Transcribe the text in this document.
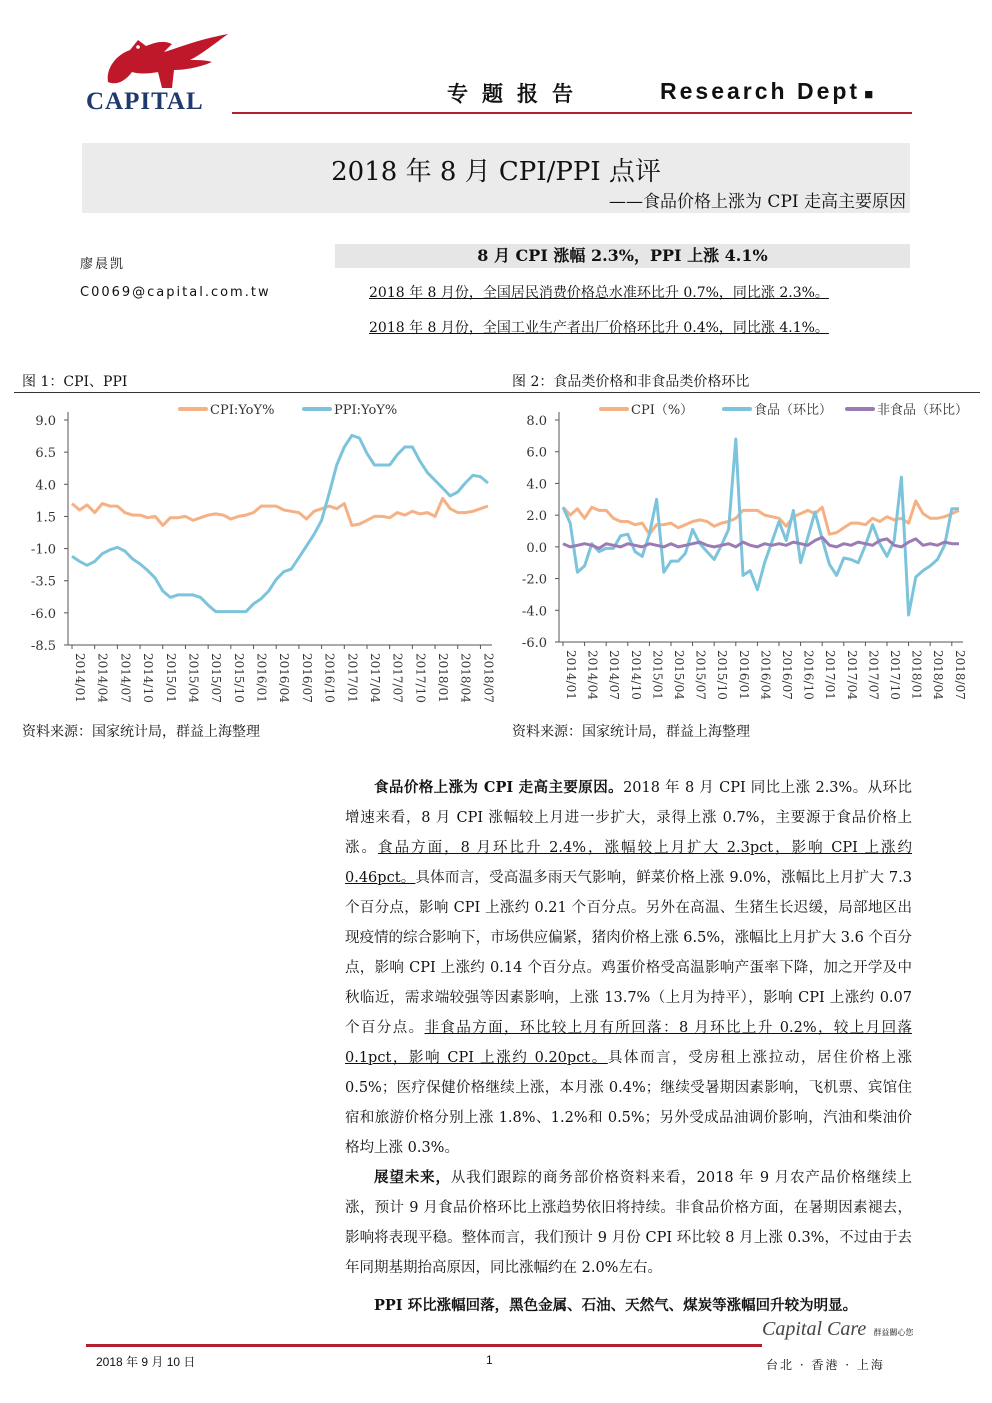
CAPITAL	专题报告	Research Dept ■
2018 年 8 月 CPI/PPI 点评
——食品价格上涨为 CPI 走高主要原因
廖晨凯
C0069@capital.com.tw
8 月 CPI 涨幅 2.3%，PPI 上涨 4.1%
2018 年 8 月份，全国居民消费价格总水准环比升 0.7%，同比涨 2.3%。
2018 年 8 月份，全国工业生产者出厂价格环比升 0.4%，同比涨 4.1%。
图 1：CPI、PPI	图 2：食品类价格和非食品类价格环比
9.0
6.5
4.0
1.5
-1.0
-3.5
-6.0
-8.5
2014/01 2014/04 2014/07 2014/10 2015/01 2015/04 2015/07 2015/10 2016/01 2016/04 2016/07 2016/10 2017/01 2017/04 2017/07 2017/10 2018/01 2018/04 2018/07
CPI:YoY%	PPI:YoY%
8.0
6.0
4.0
2.0
0.0
-2.0
-4.0
-6.0
2014/01 2014/04 2014/07 2014/10 2015/01 2015/04 2015/07 2015/10 2016/01 2016/04 2016/07 2016/10 2017/01 2017/04 2017/07 2017/10 2018/01 2018/04 2018/07
CPI（%）	食品（环比）	非食品（环比）
资料来源：国家统计局，群益上海整理	资料来源：国家统计局，群益上海整理

食品价格上涨为 CPI 走高主要原因。2018 年 8 月 CPI 同比上涨 2.3%。从环比增速来看，8 月 CPI 涨幅较上月进一步扩大，录得上涨 0.7%，主要源于食品价格上涨。食品方面，8 月环比升 2.4%，涨幅较上月扩大 2.3pct，影响 CPI 上涨约 0.46pct。具体而言，受高温多雨天气影响，鲜菜价格上涨 9.0%，涨幅比上月扩大 7.3 个百分点，影响 CPI 上涨约 0.21 个百分点。另外在高温、生猪生长迟缓，局部地区出现疫情的综合影响下，市场供应偏紧，猪肉价格上涨 6.5%，涨幅比上月扩大 3.6 个百分点，影响 CPI 上涨约 0.14 个百分点。鸡蛋价格受高温影响产蛋率下降，加之开学及中秋临近，需求端较强等因素影响，上涨 13.7%（上月为持平），影响 CPI 上涨约 0.07 个百分点。非食品方面，环比较上月有所回落：8 月环比上升 0.2%，较上月回落 0.1pct，影响 CPI 上涨约 0.20pct。具体而言，受房租上涨拉动，居住价格上涨 0.5%；医疗保健价格继续上涨，本月涨 0.4%；继续受暑期因素影响，飞机票、宾馆住宿和旅游价格分别上涨 1.8%、1.2%和 0.5%；另外受成品油调价影响，汽油和柴油价格均上涨 0.3%。

展望未来，从我们跟踪的商务部价格资料来看，2018 年 9 月农产品价格继续上涨，预计 9 月食品价格环比上涨趋势依旧将持续。非食品价格方面，在暑期因素褪去，影响将表现平稳。整体而言，我们预计 9 月份 CPI 环比较 8 月上涨 0.3%，不过由于去年同期基期抬高原因，同比涨幅约在 2.0%左右。

PPI 环比涨幅回落，黑色金属、石油、天然气、煤炭等涨幅回升较为明显。

2018 年 9 月 10 日	1
Capital Care 群益關心您
台北 · 香港 · 上海
